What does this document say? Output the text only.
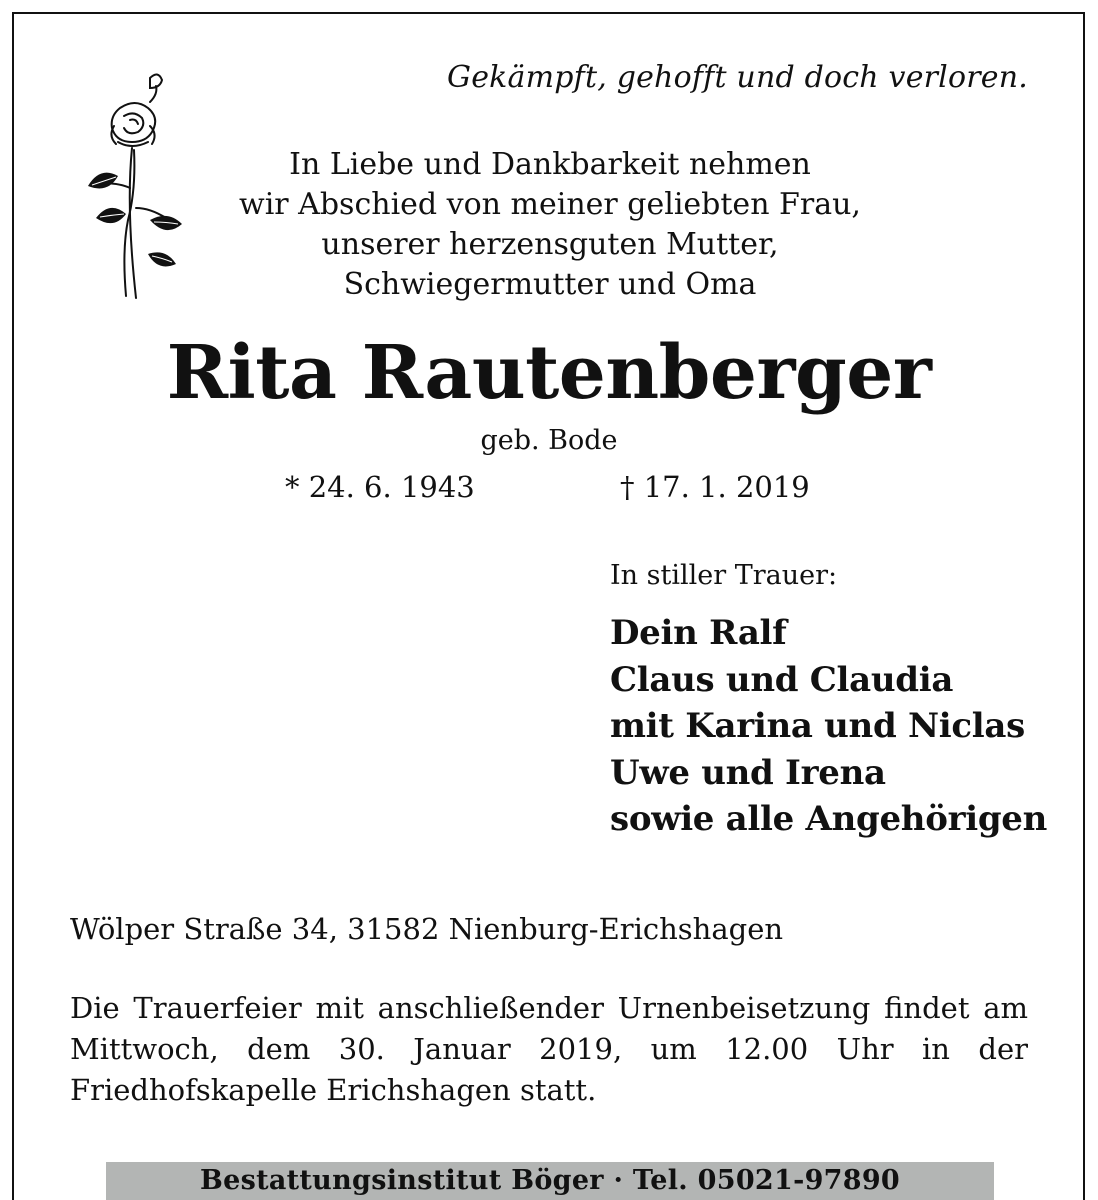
Gekämpft, gehofft und doch verloren.
In Liebe und Dankbarkeit nehmen
wir Abschied von meiner geliebten Frau,
unserer herzensguten Mutter,
Schwiegermutter und Oma
Rita Rautenberger
geb. Bode
* 24. 6. 1943	† 17. 1. 2019
In stiller Trauer:
Dein Ralf
Claus und Claudia
mit Karina und Niclas
Uwe und Irena
sowie alle Angehörigen
Wölper Straße 34, 31582 Nienburg-Erichshagen

Die Trauerfeier mit anschließender Urnenbeisetzung findet am Mittwoch, dem 30. Januar 2019, um 12.00 Uhr in der Friedhofskapelle Erichshagen statt.

Bestattungsinstitut Böger · Tel. 05021-97890
